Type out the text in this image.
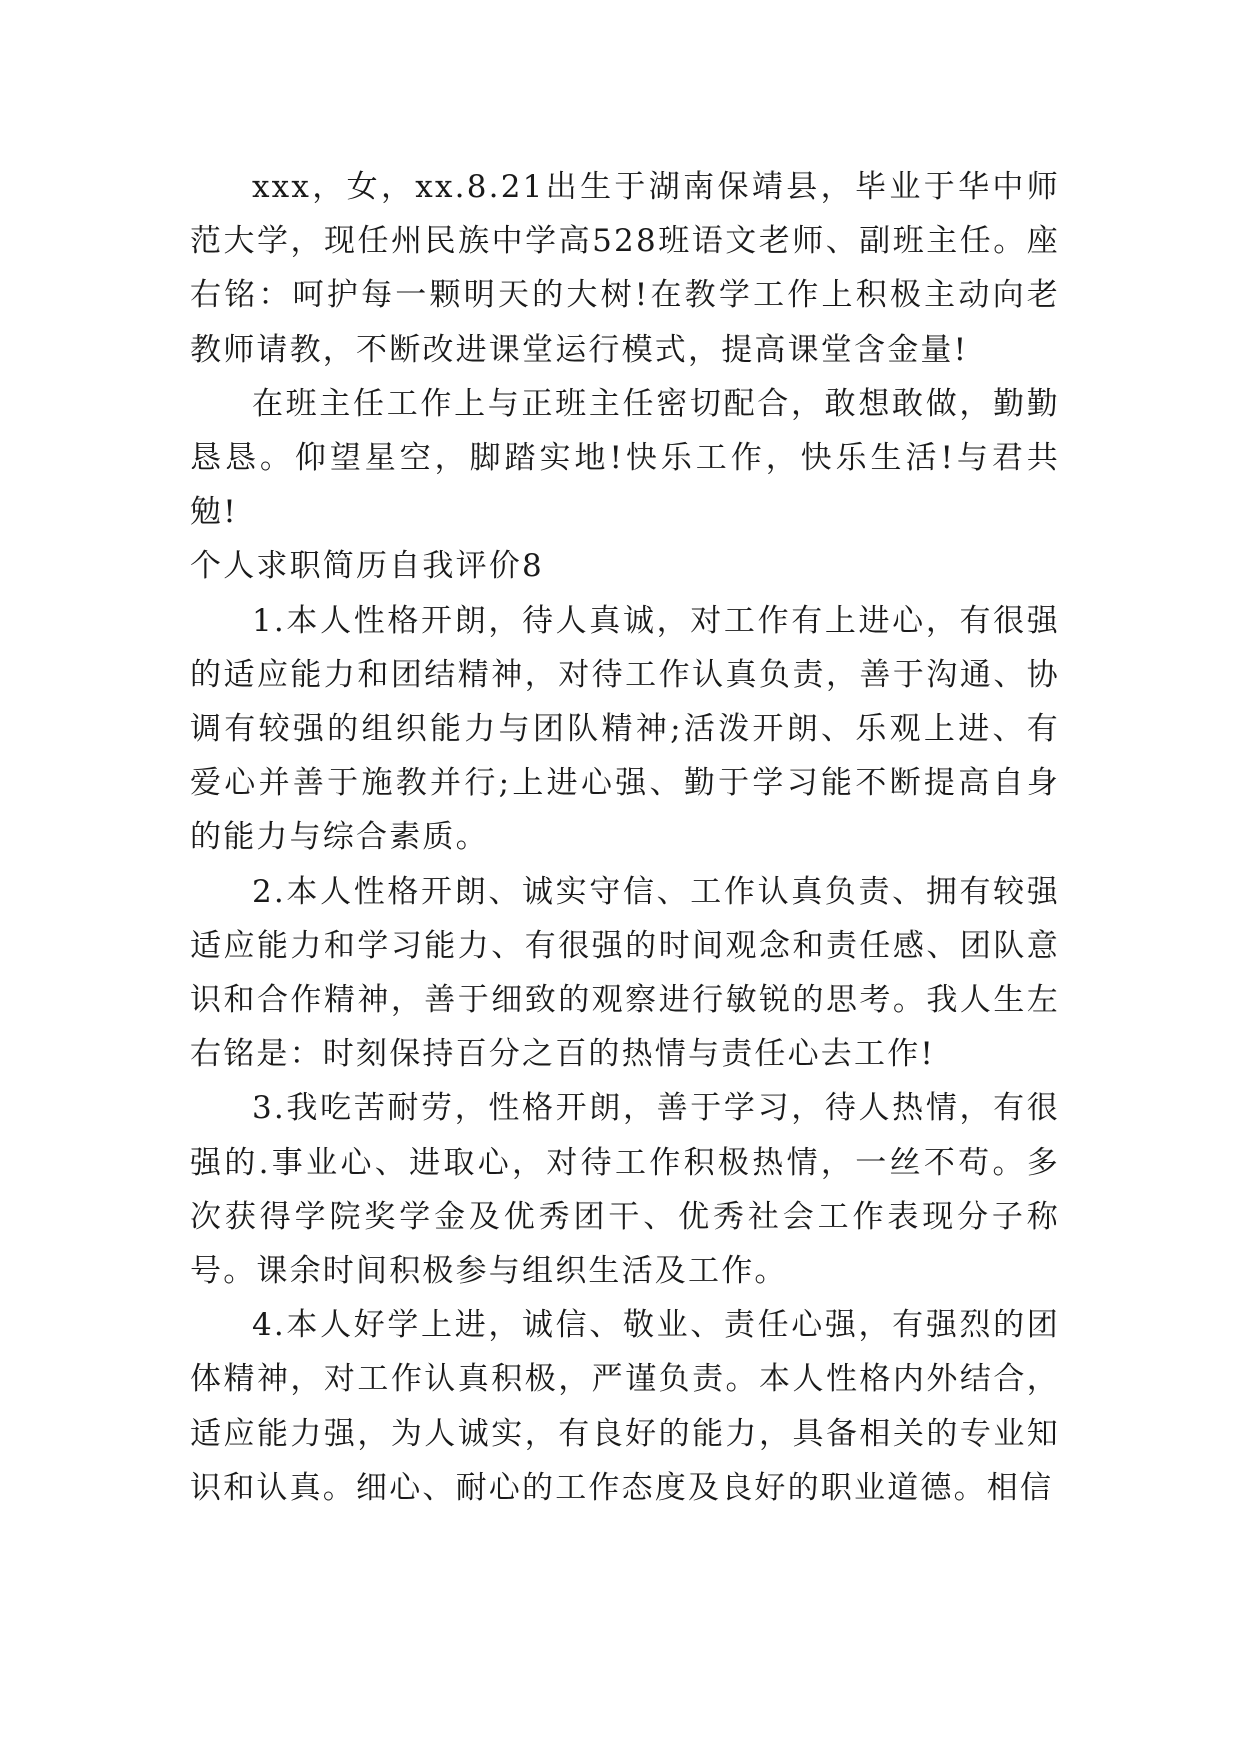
xxx，女，xx.8.21出生于湖南保靖县，毕业于华中师范大学，现任州民族中学高528班语文老师、副班主任。座右铭：呵护每一颗明天的大树!在教学工作上积极主动向老教师请教，不断改进课堂运行模式，提高课堂含金量!

在班主任工作上与正班主任密切配合，敢想敢做，勤勤恳恳。仰望星空，脚踏实地!快乐工作，快乐生活!与君共勉!

个人求职简历自我评价8

1.本人性格开朗，待人真诚，对工作有上进心，有很强的适应能力和团结精神，对待工作认真负责，善于沟通、协调有较强的组织能力与团队精神;活泼开朗、乐观上进、有爱心并善于施教并行;上进心强、勤于学习能不断提高自身的能力与综合素质。

2.本人性格开朗、诚实守信、工作认真负责、拥有较强适应能力和学习能力、有很强的时间观念和责任感、团队意识和合作精神，善于细致的观察进行敏锐的思考。我人生左右铭是：时刻保持百分之百的热情与责任心去工作!

3.我吃苦耐劳，性格开朗，善于学习，待人热情，有很强的.事业心、进取心，对待工作积极热情，一丝不苟。多次获得学院奖学金及优秀团干、优秀社会工作表现分子称号。课余时间积极参与组织生活及工作。

4.本人好学上进，诚信、敬业、责任心强，有强烈的团体精神，对工作认真积极，严谨负责。本人性格内外结合，适应能力强，为人诚实，有良好的能力，具备相关的专业知识和认真。细心、耐心的工作态度及良好的职业道德。相信
